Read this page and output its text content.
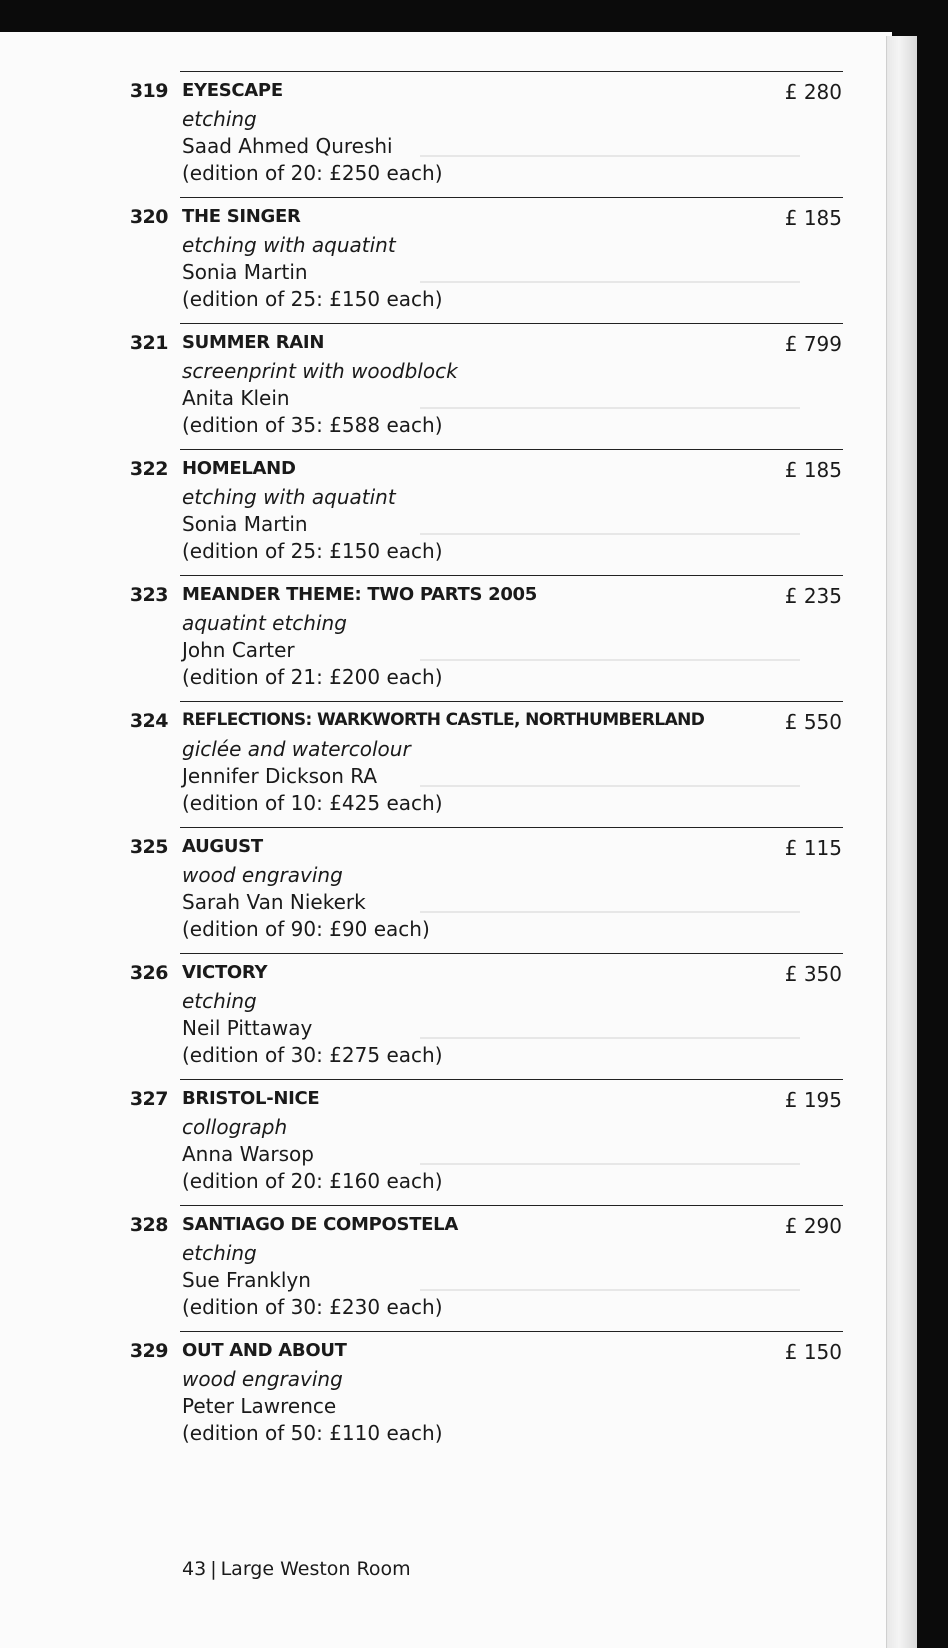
319 EYESCAPE
etching
Saad Ahmed Qureshi
(edition of 20: £250 each)
£ 280
320 THE SINGER
etching with aquatint
Sonia Martin
(edition of 25: £150 each)
£ 185
321 SUMMER RAIN
screenprint with woodblock
Anita Klein
(edition of 35: £588 each)
£ 799
322 HOMELAND
etching with aquatint
Sonia Martin
(edition of 25: £150 each)
£ 185
323 MEANDER THEME: TWO PARTS 2005
aquatint etching
John Carter
(edition of 21: £200 each)
£ 235
324 REFLECTIONS: WARKWORTH CASTLE, NORTHUMBERLAND
giclée and watercolour
Jennifer Dickson RA
(edition of 10: £425 each)
£ 550
325 AUGUST
wood engraving
Sarah Van Niekerk
(edition of 90: £90 each)
£ 115
326 VICTORY
etching
Neil Pittaway
(edition of 30: £275 each)
£ 350
327 BRISTOL-NICE
collograph
Anna Warsop
(edition of 20: £160 each)
£ 195
328 SANTIAGO DE COMPOSTELA
etching
Sue Franklyn
(edition of 30: £230 each)
£ 290
329 OUT AND ABOUT
wood engraving
Peter Lawrence
(edition of 50: £110 each)
£ 150
43 | Large Weston Room
